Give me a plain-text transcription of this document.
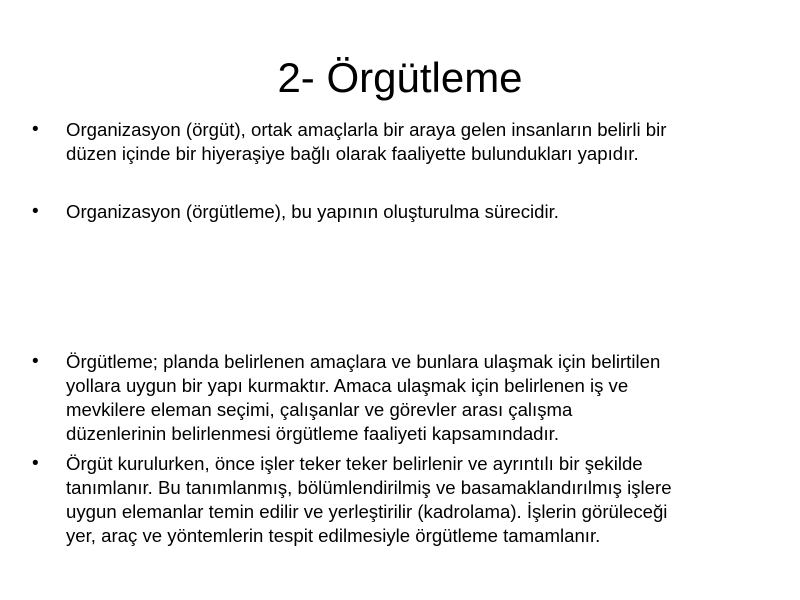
2- Örgütleme
• Organizasyon (örgüt), ortak amaçlarla bir araya gelen insanların belirli bir
düzen içinde bir hiyeraşiye bağlı olarak faaliyette bulundukları yapıdır.
• Organizasyon (örgütleme), bu yapının oluşturulma sürecidir.
• Örgütleme; planda belirlenen amaçlara ve bunlara ulaşmak için belirtilen
yollara uygun bir yapı kurmaktır. Amaca ulaşmak için belirlenen iş ve
mevkilere eleman seçimi, çalışanlar ve görevler arası çalışma
düzenlerinin belirlenmesi örgütleme faaliyeti kapsamındadır.
• Örgüt kurulurken, önce işler teker teker belirlenir ve ayrıntılı bir şekilde
tanımlanır. Bu tanımlanmış, bölümlendirilmiş ve basamaklandırılmış işlere
uygun elemanlar temin edilir ve yerleştirilir (kadrolama). İşlerin görüleceği
yer, araç ve yöntemlerin tespit edilmesiyle örgütleme tamamlanır.
